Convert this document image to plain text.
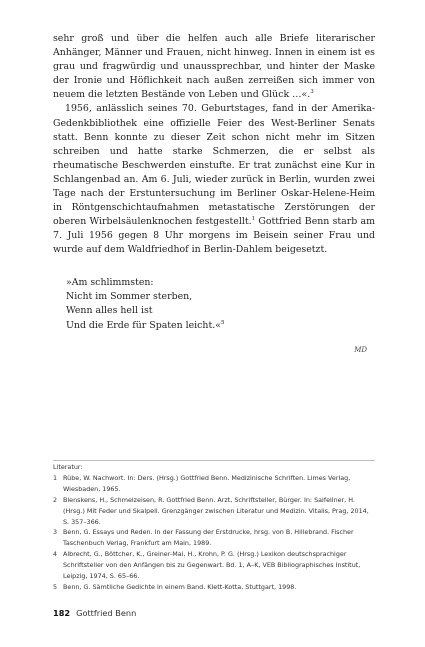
sehr groß und über die helfen auch alle Briefe literarischer Anhänger, Männer und Frauen, nicht hinweg. Innen in einem ist es grau und fragwürdig und unaussprechbar, und hinter der Maske der Ironie und Höflichkeit nach außen zerreißen sich immer von neuem die letzten Bestände von Leben und Glück …«.$^3$

1956, anlässlich seines 70. Geburtstages, fand in der Amerika-Gedenkbibliothek eine offizielle Feier des West-Berliner Senats statt. Benn konnte zu dieser Zeit schon nicht mehr im Sitzen schreiben und hatte starke Schmerzen, die er selbst als rheumatische Beschwerden einstufte. Er trat zunächst eine Kur in Schlangenbad an. Am 6. Juli, wieder zurück in Berlin, wurden zwei Tage nach der Erstuntersuchung im Berliner Oskar-Helene-Heim in Röntgenschichtaufnahmen metastatische Zerstörungen der oberen Wirbelsäulenknochen festgestellt.$^1$ Gottfried Benn starb am 7. Juli 1956 gegen 8 Uhr morgens im Beisein seiner Frau und wurde auf dem Waldfriedhof in Berlin-Dahlem beigesetzt.

»Am schlimmsten:
Nicht im Sommer sterben,
Wenn alles hell ist
Und die Erde für Spaten leicht.«$^5$
MD
Literatur:
1 Rübe, W. Nachwort. In: Ders. (Hrsg.) Gottfried Benn. Medizinische Schriften. Limes Verlag, Wiesbaden, 1965.
2 Blenskens, H., Schmelzeisen, R. Gottfried Benn. Arzt, Schriftsteller, Bürger. In: Salfellner, H. (Hrsg.) Mit Feder und Skalpell. Grenzgänger zwischen Literatur und Medizin. Vitalis, Prag, 2014, S. 357–366.
3 Benn, G. Essays und Reden. In der Fassung der Erstdrucke, hrsg. von B. Hillebrand. Fischer Taschenbuch Verlag, Frankfurt am Main, 1989.
4 Albrecht, G., Böttcher, K., Greiner-Mai, H., Krohn, P. G. (Hrsg.) Lexikon deutschsprachiger Schriftsteller von den Anfängen bis zu Gegenwart. Bd. 1, A–K, VEB Bibliographisches Institut, Leipzig, 1974, S. 65–66.
5 Benn, G. Sämtliche Gedichte in einem Band. Klett-Kotta, Stuttgart, 1998.
182 Gottfried Benn
